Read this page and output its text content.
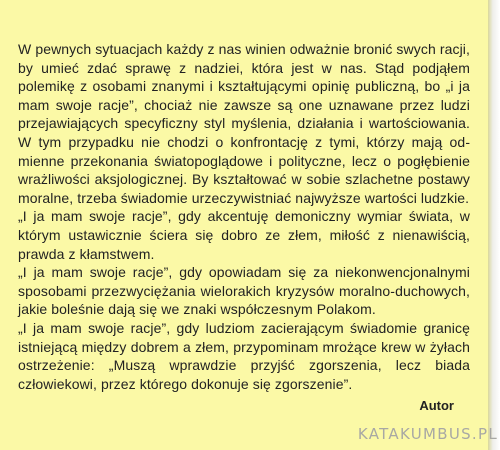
W pewnych sytuacjach każdy z nas winien odważnie bronić swych racji, by umieć zdać sprawę z nadziei, która jest w nas. Stąd podjąłem polemikę z osobami znanymi i kształtującymi opinię publiczną, bo „i ja mam swoje racje”, chociaż nie zawsze są one uznawane przez ludzi przejawiających specyficzny styl myślenia, działania i wartościowania. W tym przypadku nie chodzi o konfrontację z tymi, którzy mają odmienne przekonania światopoglądowe i polityczne, lecz o pogłębienie wrażliwości aksjologicznej. By kształtować w sobie szlachetne postawy moralne, trzeba świadomie urzeczywistniać najwyższe wartości ludzkie.

„I ja mam swoje racje”, gdy akcentuję demoniczny wymiar świata, w którym ustawicznie ściera się dobro ze złem, miłość z nienawiścią, prawda z kłamstwem.

„I ja mam swoje racje”, gdy opowiadam się za niekonwencjonalnymi sposobami przezwyciężania wielorakich kryzysów moralno-duchowych, jakie boleśnie dają się we znaki współczesnym Polakom.

„I ja mam swoje racje”, gdy ludziom zacierającym świadomie granicę istniejącą między dobrem a złem, przypominam mrożące krew w żyłach ostrzeżenie: „Muszą wprawdzie przyjść zgorszenia, lecz biada człowiekowi, przez którego dokonuje się zgorszenie”.

Autor

KATAKUMBUS.PL
